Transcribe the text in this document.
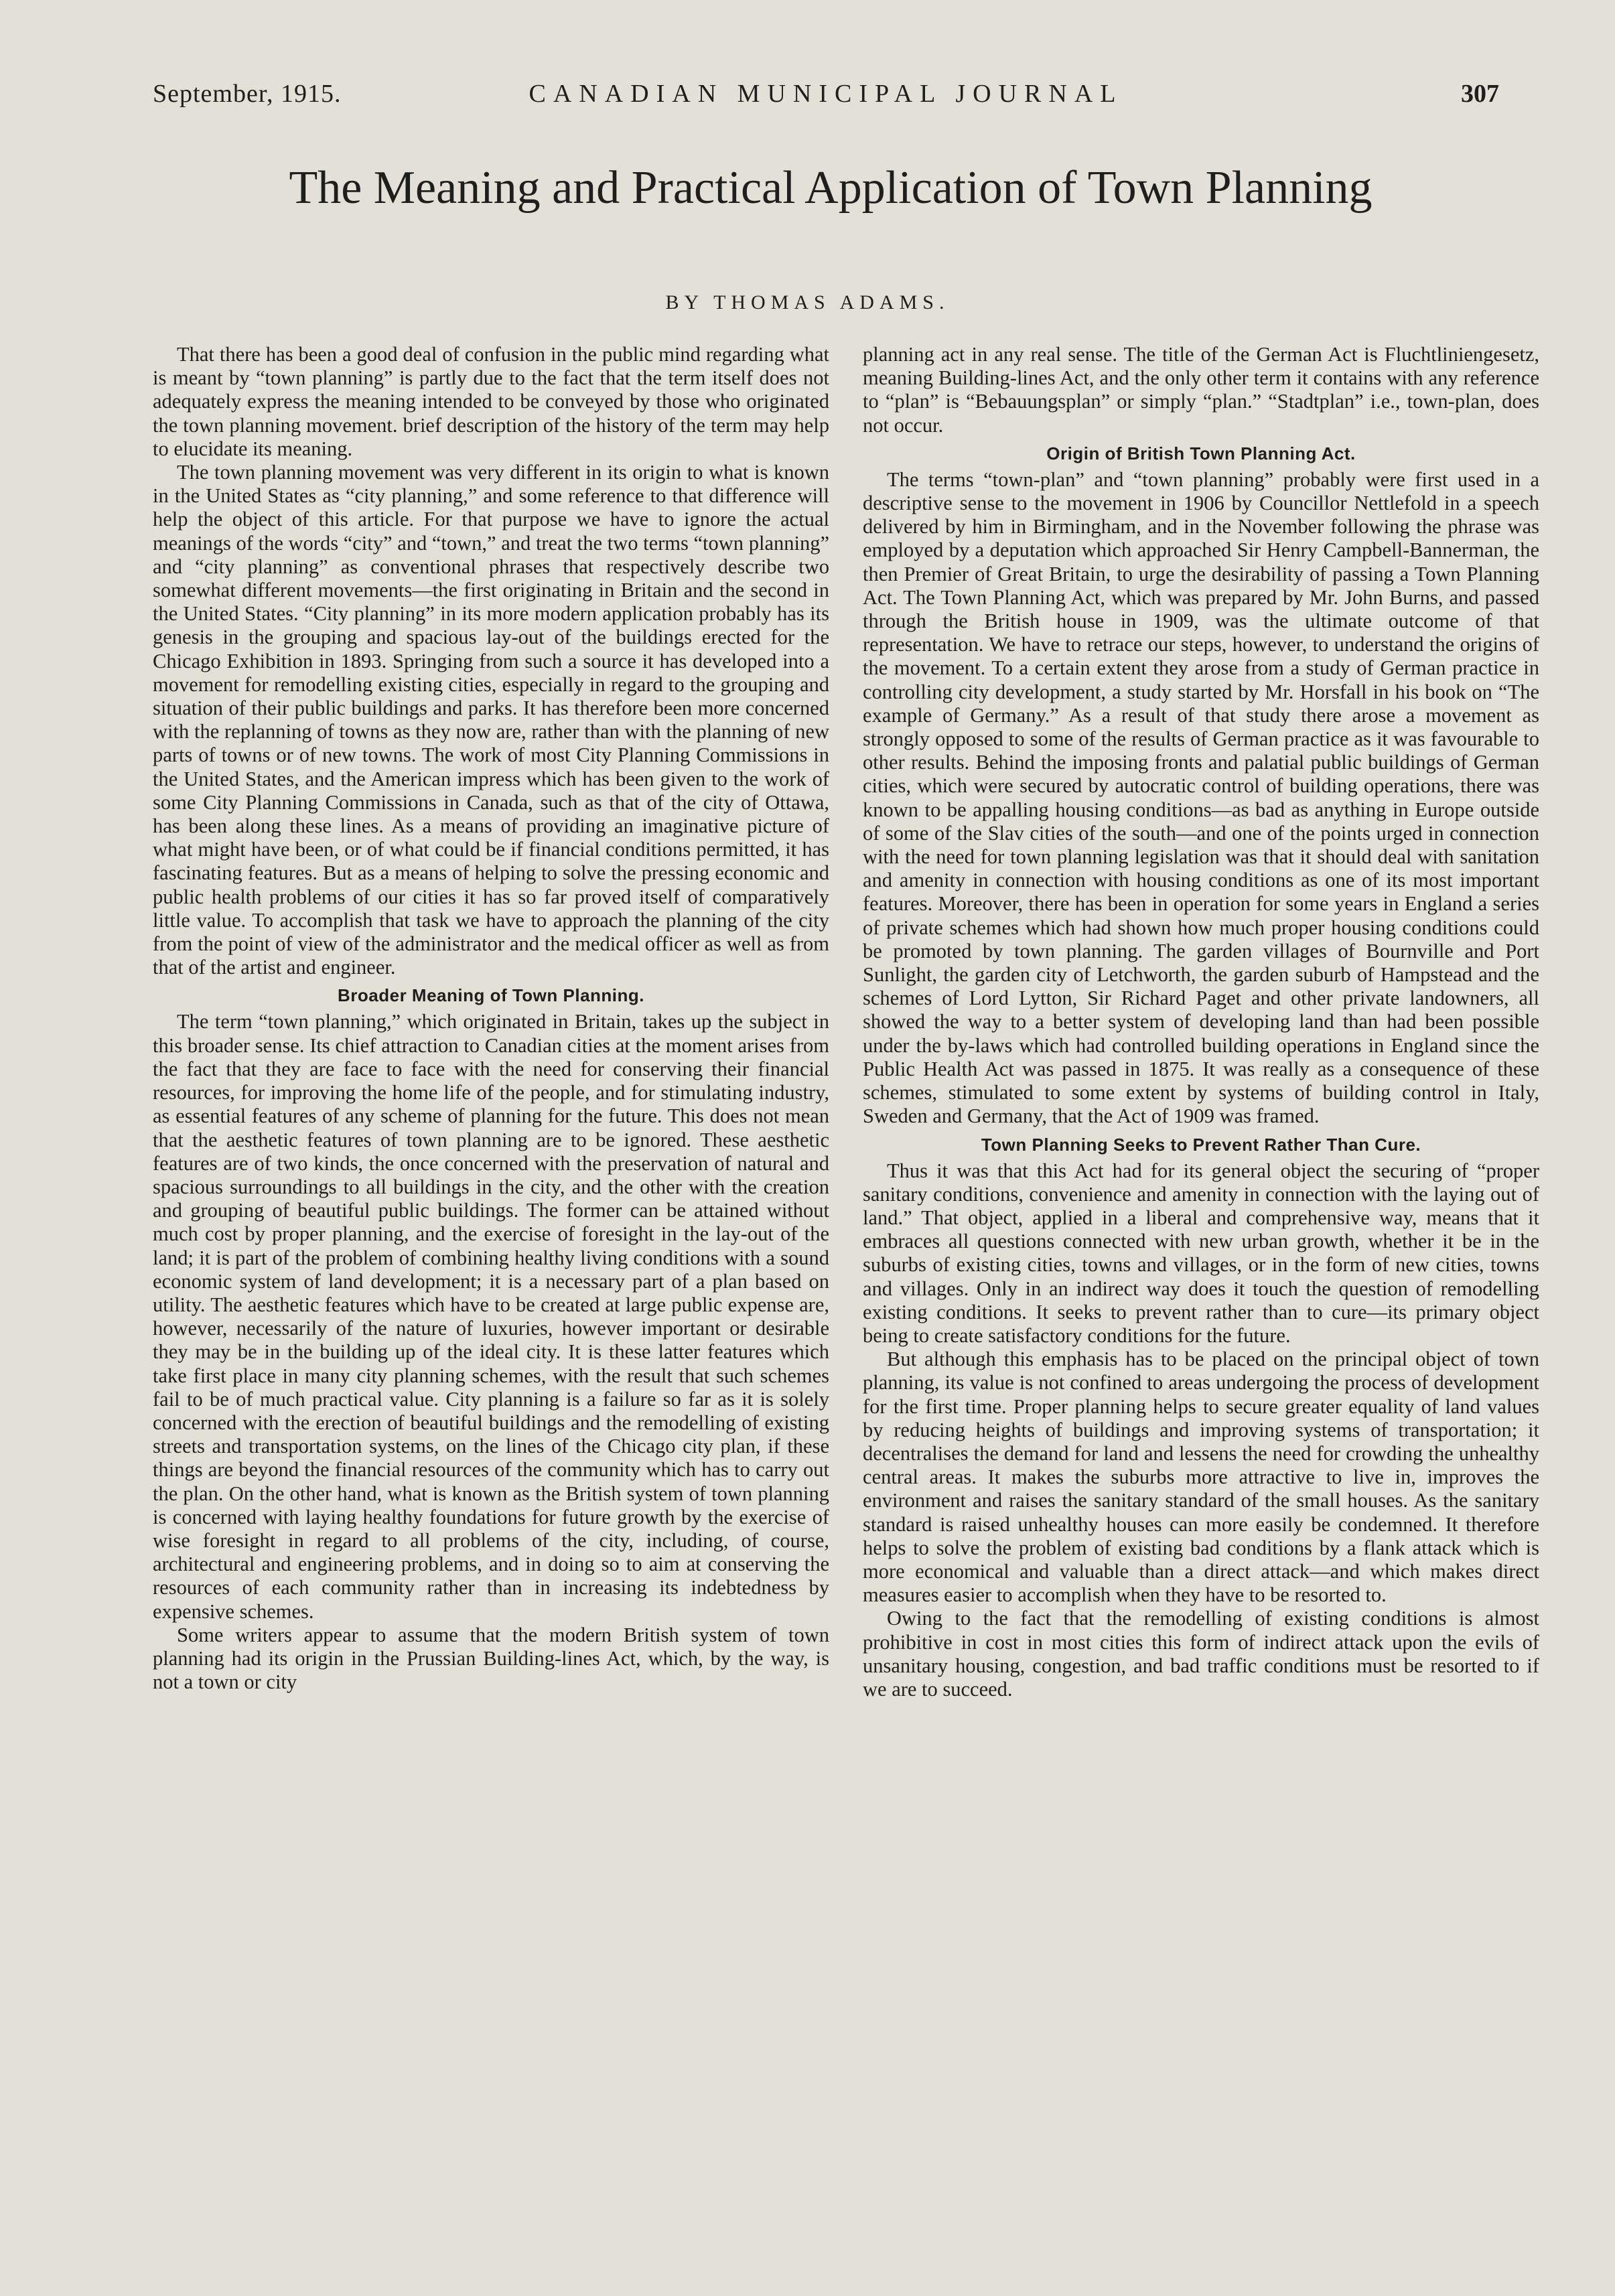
September, 1915.	CANADIAN MUNICIPAL JOURNAL	307
The Meaning and Practical Application of Town Planning
BY THOMAS ADAMS.

That there has been a good deal of confusion in the public mind regarding what is meant by “town planning” is partly due to the fact that the term itself does not adequately express the meaning intended to be conveyed by those who originated the town planning movement. brief description of the history of the term may help to elucidate its meaning.

The town planning movement was very different in its origin to what is known in the United States as “city planning,” and some reference to that difference will help the object of this article. For that purpose we have to ignore the actual meanings of the words “city” and “town,” and treat the two terms “town planning” and “city planning” as conventional phrases that respectively describe two somewhat different movements—the first originating in Britain and the second in the United States. “City planning” in its more modern application probably has its genesis in the grouping and spacious lay-out of the buildings erected for the Chicago Exhibition in 1893. Springing from such a source it has developed into a movement for remodelling existing cities, especially in regard to the grouping and situation of their public buildings and parks. It has therefore been more concerned with the replanning of towns as they now are, rather than with the planning of new parts of towns or of new towns. The work of most City Planning Commissions in the United States, and the American impress which has been given to the work of some City Planning Commissions in Canada, such as that of the city of Ottawa, has been along these lines. As a means of providing an imaginative picture of what might have been, or of what could be if financial conditions permitted, it has fascinating features. But as a means of helping to solve the pressing economic and public health problems of our cities it has so far proved itself of comparatively little value. To accomplish that task we have to approach the planning of the city from the point of view of the administrator and the medical officer as well as from that of the artist and engineer.

Broader Meaning of Town Planning.

The term “town planning,” which originated in Britain, takes up the subject in this broader sense. Its chief attraction to Canadian cities at the moment arises from the fact that they are face to face with the need for conserving their financial resources, for improving the home life of the people, and for stimulating industry, as essential features of any scheme of planning for the future. This does not mean that the aesthetic features of town planning are to be ignored. These aesthetic features are of two kinds, the once concerned with the preservation of natural and spacious surroundings to all buildings in the city, and the other with the creation and grouping of beautiful public buildings. The former can be attained without much cost by proper planning, and the exercise of foresight in the lay-out of the land; it is part of the problem of combining healthy living conditions with a sound economic system of land development; it is a necessary part of a plan based on utility. The aesthetic features which have to be created at large public expense are, however, necessarily of the nature of luxuries, however important or desirable they may be in the building up of the ideal city. It is these latter features which take first place in many city planning schemes, with the result that such schemes fail to be of much practical value. City planning is a failure so far as it is solely concerned with the erection of beautiful buildings and the remodelling of existing streets and transportation systems, on the lines of the Chicago city plan, if these things are beyond the financial resources of the community which has to carry out the plan. On the other hand, what is known as the British system of town planning is concerned with laying healthy foundations for future growth by the exercise of wise foresight in regard to all problems of the city, including, of course, architectural and engineering problems, and in doing so to aim at conserving the resources of each community rather than in increasing its indebtedness by expensive schemes.

Some writers appear to assume that the modern British system of town planning had its origin in the Prussian Building-lines Act, which, by the way, is not a town or city

planning act in any real sense. The title of the German Act is Fluchtliniengesetz, meaning Building-lines Act, and the only other term it contains with any reference to “plan” is “Bebauungsplan” or simply “plan.” “Stadtplan” i.e., town-plan, does not occur.

Origin of British Town Planning Act.

The terms “town-plan” and “town planning” probably were first used in a descriptive sense to the movement in 1906 by Councillor Nettlefold in a speech delivered by him in Birmingham, and in the November following the phrase was employed by a deputation which approached Sir Henry Campbell-Bannerman, the then Premier of Great Britain, to urge the desirability of passing a Town Planning Act. The Town Planning Act, which was prepared by Mr. John Burns, and passed through the British house in 1909, was the ultimate outcome of that representation. We have to retrace our steps, however, to understand the origins of the movement. To a certain extent they arose from a study of German practice in controlling city development, a study started by Mr. Horsfall in his book on “The example of Germany.” As a result of that study there arose a movement as strongly opposed to some of the results of German practice as it was favourable to other results. Behind the imposing fronts and palatial public buildings of German cities, which were secured by autocratic control of building operations, there was known to be appalling housing conditions—as bad as anything in Europe outside of some of the Slav cities of the south—and one of the points urged in connection with the need for town planning legislation was that it should deal with sanitation and amenity in connection with housing conditions as one of its most important features. Moreover, there has been in operation for some years in England a series of private schemes which had shown how much proper housing conditions could be promoted by town planning. The garden villages of Bournville and Port Sunlight, the garden city of Letchworth, the garden suburb of Hampstead and the schemes of Lord Lytton, Sir Richard Paget and other private landowners, all showed the way to a better system of developing land than had been possible under the by-laws which had controlled building operations in England since the Public Health Act was passed in 1875. It was really as a consequence of these schemes, stimulated to some extent by systems of building control in Italy, Sweden and Germany, that the Act of 1909 was framed.

Town Planning Seeks to Prevent Rather Than Cure.

Thus it was that this Act had for its general object the securing of “proper sanitary conditions, convenience and amenity in connection with the laying out of land.” That object, applied in a liberal and comprehensive way, means that it embraces all questions connected with new urban growth, whether it be in the suburbs of existing cities, towns and villages, or in the form of new cities, towns and villages. Only in an indirect way does it touch the question of remodelling existing conditions. It seeks to prevent rather than to cure—its primary object being to create satisfactory conditions for the future.

But although this emphasis has to be placed on the principal object of town planning, its value is not confined to areas undergoing the process of development for the first time. Proper planning helps to secure greater equality of land values by reducing heights of buildings and improving systems of transportation; it decentralises the demand for land and lessens the need for crowding the unhealthy central areas. It makes the suburbs more attractive to live in, improves the environment and raises the sanitary standard of the small houses. As the sanitary standard is raised unhealthy houses can more easily be condemned. It therefore helps to solve the problem of existing bad conditions by a flank attack which is more economical and valuable than a direct attack—and which makes direct measures easier to accomplish when they have to be resorted to.

Owing to the fact that the remodelling of existing conditions is almost prohibitive in cost in most cities this form of indirect attack upon the evils of unsanitary housing, congestion, and bad traffic conditions must be resorted to if we are to succeed.
